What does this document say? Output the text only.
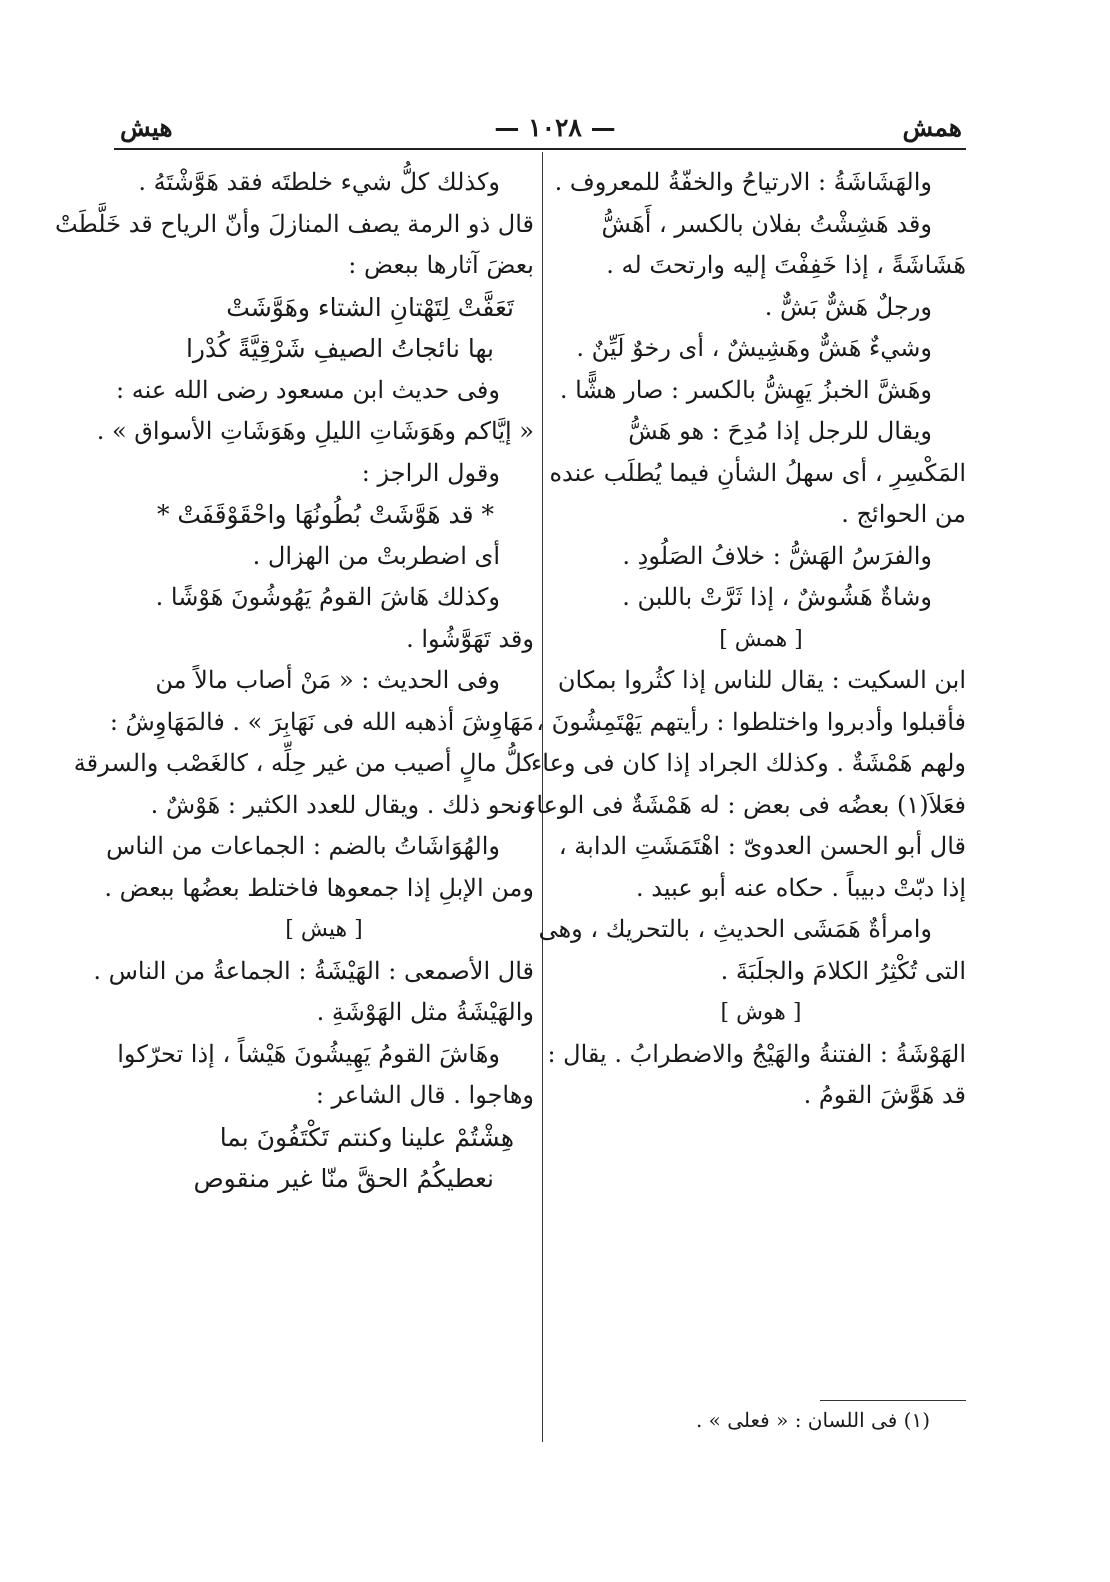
همش
— ١٠٢٨ —
هيش
والهَشَاشَةُ : الارتياحُ والخفّةُ للمعروف .
وقد هَشِشْتُ بفلان بالكسر ، أَهَشُّ
هَشَاشَةً ، إذا خَفِفْتَ إليه وارتحتَ له .
ورجلٌ هَشٌّ بَشٌّ .
وشيءٌ هَشٌّ وهَشِيشٌ ، أى رخوٌ لَيِّنٌ .
وهَشَّ الخبزُ يَهِشُّ بالكسر : صار هشًّا .
ويقال للرجل إذا مُدِحَ : هو هَشُّ
المَكْسِرِ ، أى سهلُ الشأنِ فيما يُطلَب عنده
من الحوائج .
والفرَسُ الهَشُّ : خلافُ الصَلُودِ .
وشاةٌ هَشُوشٌ ، إذا ثَرَّتْ باللبن .
[ همش ]
ابن السكيت : يقال للناس إذا كثُروا بمكان
فأقبلوا وأدبروا واختلطوا : رأيتهم يَهْتَمِشُونَ ،
ولهم هَمْشَةٌ . وكذلك الجراد إذا كان فى وعاء
فعَلاَ(١) بعضُه فى بعض : له هَمْشَةٌ فى الوعاء .
قال أبو الحسن العدوىّ : اهْتَمَشَتِ الدابة ،
إذا دبّتْ دبيباً . حكاه عنه أبو عبيد .
وامرأةٌ هَمَشَى الحديثِ ، بالتحريك ، وهى
التى تُكْثِرُ الكلامَ والجلَبَةَ .
[ هوش ]
الهَوْشَةُ : الفتنةُ والهَيْجُ والاضطرابُ . يقال :
قد هَوَّشَ القومُ .
وكذلك كلُّ شيء خلطتَه فقد هَوَّشْتَهُ .
قال ذو الرمة يصف المنازلَ وأنّ الرياح قد خَلَّطَتْ
بعضَ آثارها ببعض :
تَعَفَّتْ لِتَهْتانِ الشتاء وهَوَّشَتْ
بها نائجاتُ الصيفِ شَرْقِيَّةً كُدْرا
وفى حديث ابن مسعود رضى الله عنه :
« إيَّاكم وهَوَشَاتِ الليلِ وهَوَشَاتِ الأسواق » .
وقول الراجز :
* قد هَوَّشَتْ بُطُونُهَا واحْقَوْقَفَتْ *
أى اضطربتْ من الهزال .
وكذلك هَاشَ القومُ يَهُوشُونَ هَوْشًا .
وقد تَهَوَّشُوا .
وفى الحديث : « مَنْ أصاب مالاً من
مَهَاوِشَ أذهبه الله فى نَهَابِرَ » . فالمَهَاوِشُ :
كلُّ مالٍ أصيب من غير حِلِّه ، كالغَصْب والسرقة
ونحو ذلك . ويقال للعدد الكثير : هَوْشٌ .
والهُوَاشَاتُ بالضم : الجماعات من الناس
ومن الإبلِ إذا جمعوها فاختلط بعضُها ببعض .
[ هيش ]
قال الأصمعى : الهَيْشَةُ : الجماعةُ من الناس .
والهَيْشَةُ مثل الهَوْشَةِ .
وهَاشَ القومُ يَهِيشُونَ هَيْشاً ، إذا تحرّكوا
وهاجوا . قال الشاعر :
هِشْتُمْ علينا وكنتم تَكْتَفُونَ بما
نعطيكُمُ الحقَّ منّا غير منقوص
(١) فى اللسان : « فعلى » .
